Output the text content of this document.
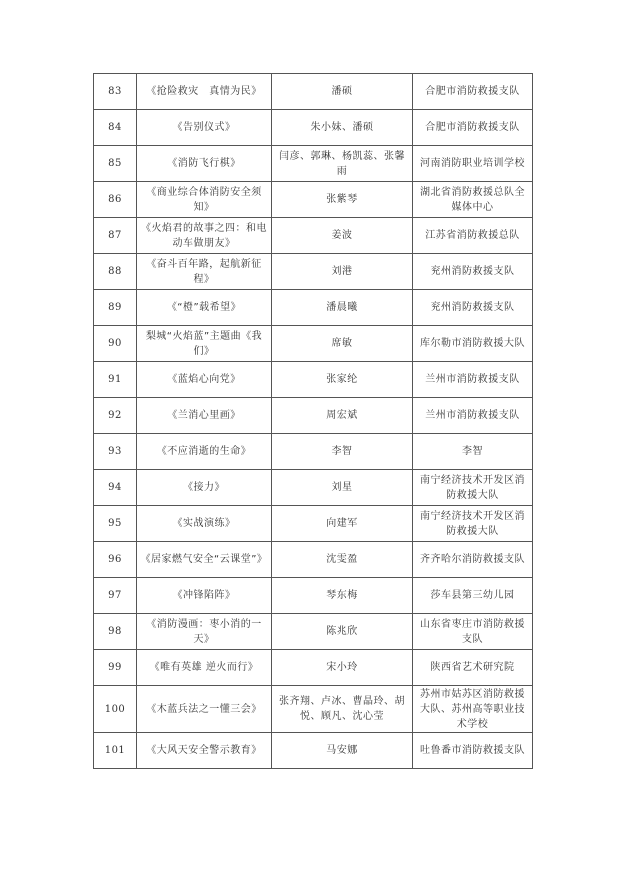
83	《抢险救灾　真情为民》	潘硕	合肥市消防救援支队
84	《告别仪式》	朱小妹、潘硕	合肥市消防救援支队
85	《消防飞行棋》	闫彦、郭琳、杨凯蕊、张馨雨	河南消防职业培训学校
86	《商业综合体消防安全须知》	张紫琴	湖北省消防救援总队全媒体中心
87	《火焰君的故事之四：和电动车做朋友》	姜波	江苏省消防救援总队
88	《奋斗百年路，起航新征程》	刘港	兖州消防救援支队
89	《“橙”载希望》	潘晨曦	兖州消防救援支队
90	梨城“火焰蓝”主题曲《我们》	席敏	库尔勒市消防救援大队
91	《蓝焰心向党》	张家纶	兰州市消防救援支队
92	《兰消心里画》	周宏斌	兰州市消防救援支队
93	《不应消逝的生命》	李智	李智
94	《接力》	刘星	南宁经济技术开发区消防救援大队
95	《实战演练》	向建军	南宁经济技术开发区消防救援大队
96	《居家燃气安全“云课堂”》	沈雯盈	齐齐哈尔消防救援支队
97	《冲锋陷阵》	琴东梅	莎车县第三幼儿园
98	《消防漫画：枣小消的一天》	陈兆欣	山东省枣庄市消防救援支队
99	《唯有英雄 逆火而行》	宋小玲	陕西省艺术研究院
100	《木蓝兵法之一懂三会》	张齐翔、卢冰、曹晶玲、胡悦、顾凡、沈心莹	苏州市姑苏区消防救援大队、苏州高等职业技术学校
101	《大风天安全警示教育》	马安娜	吐鲁番市消防救援支队
